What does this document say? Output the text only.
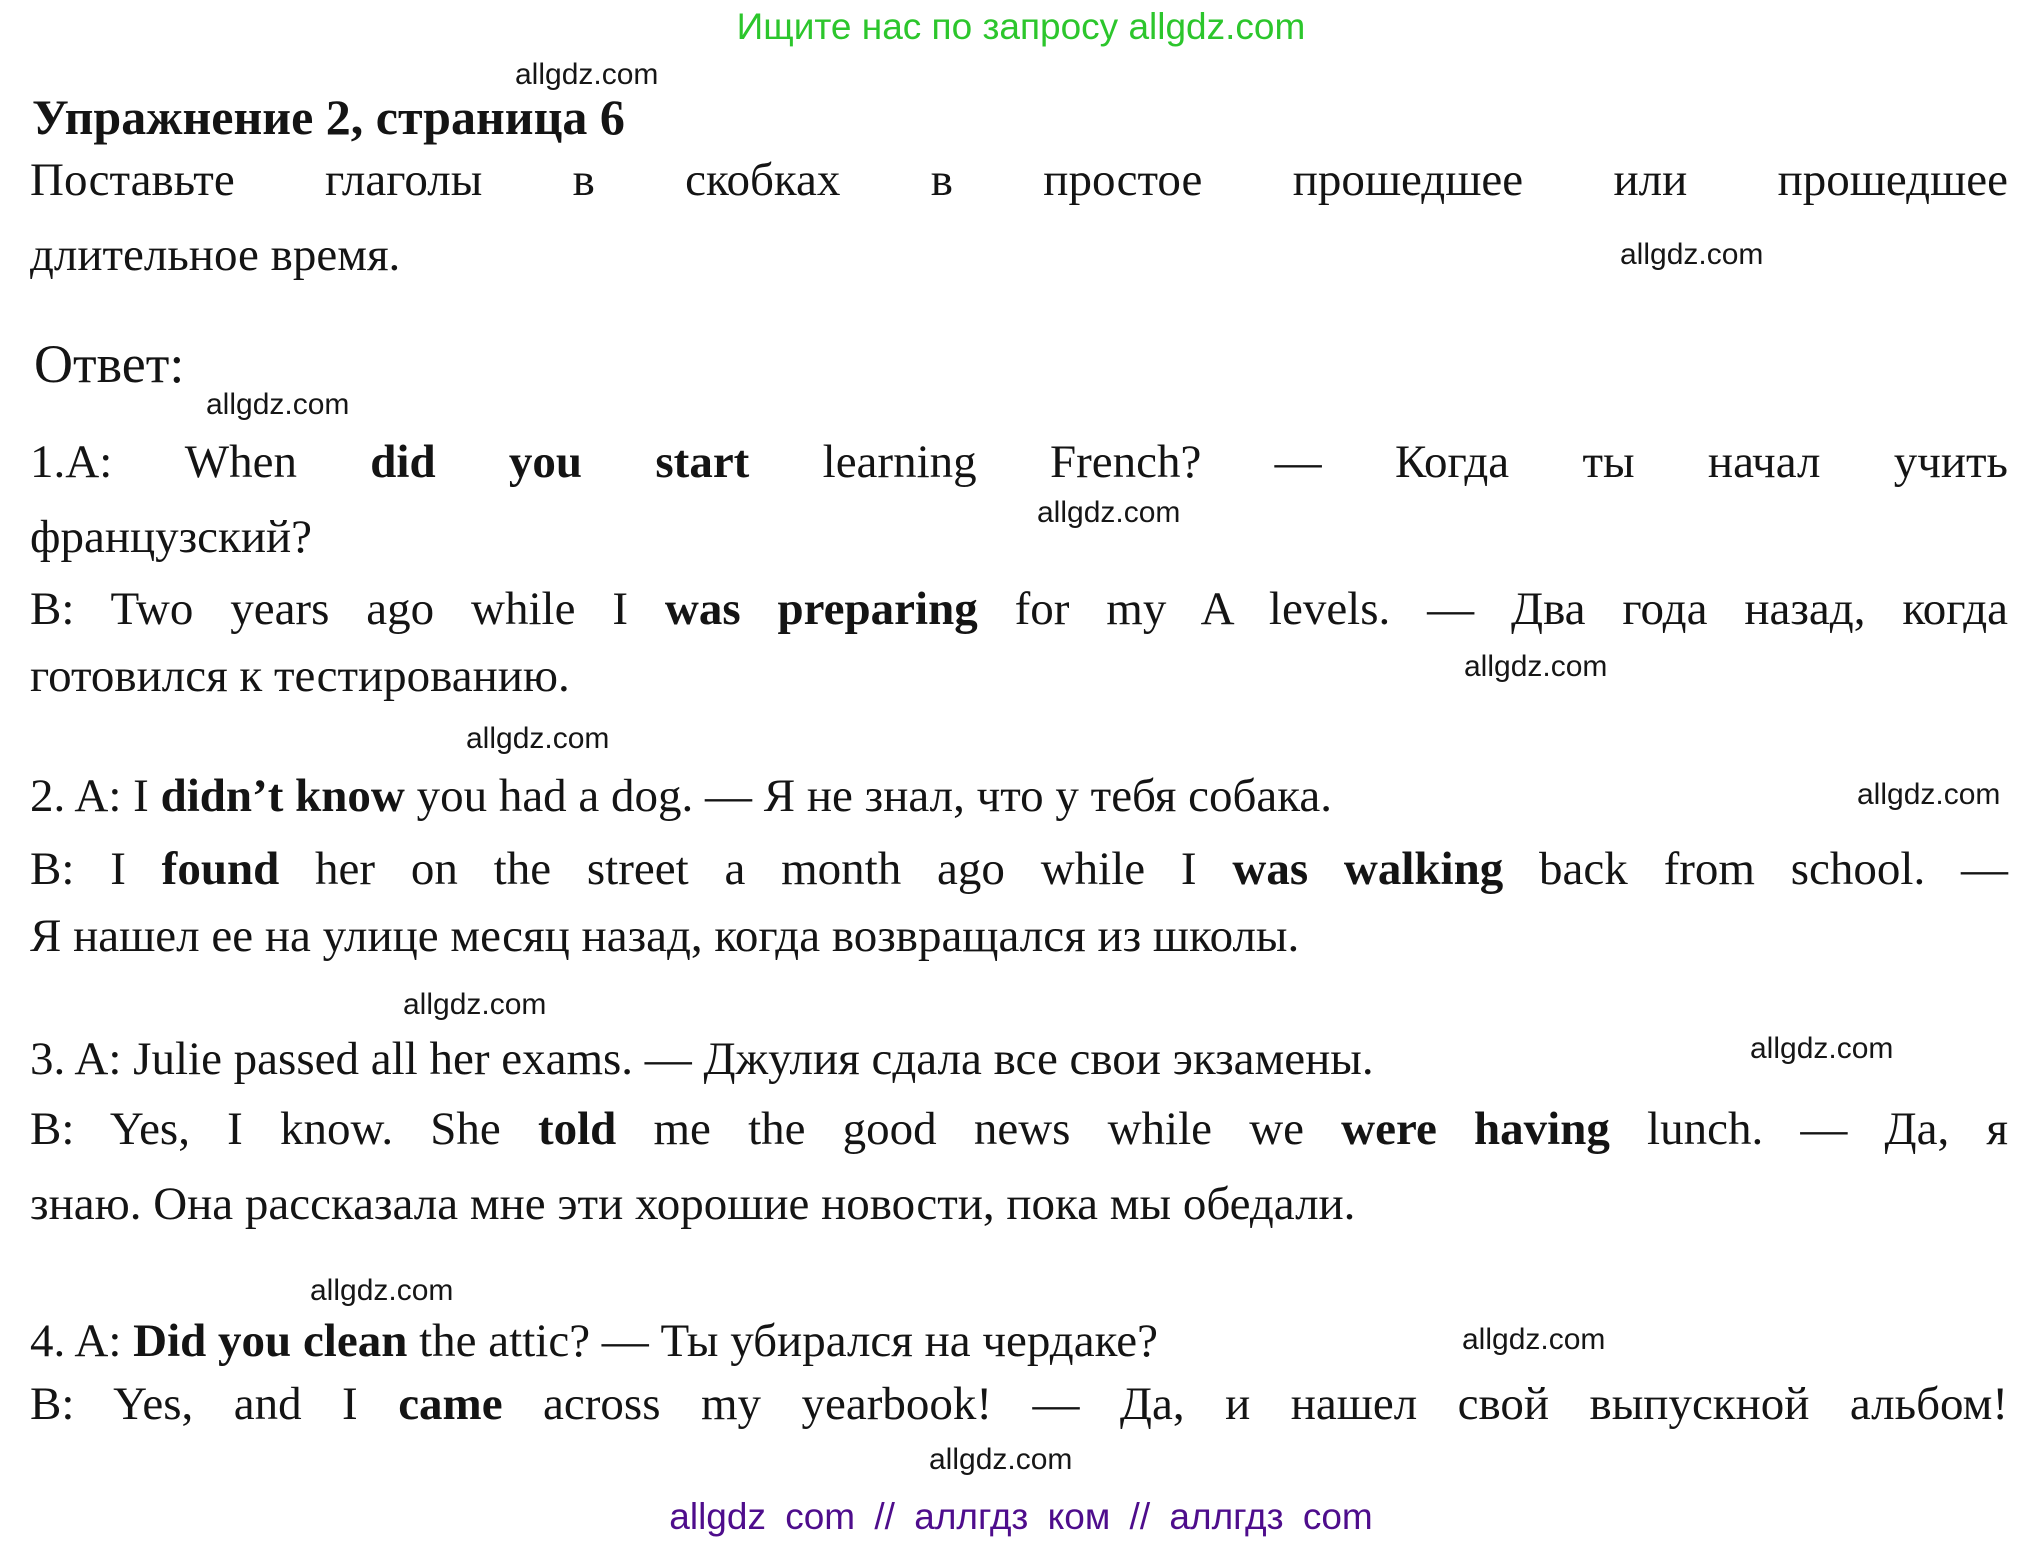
Ищите нас по запросу allgdz.com
allgdz.com
allgdz.com
allgdz.com
allgdz.com
allgdz.com
allgdz.com
allgdz.com
allgdz.com
allgdz.com
allgdz.com
allgdz.com
allgdz.com
Упражнение 2, страница 6
Поставьте глаголы в скобках в простое прошедшее или прошедшее
длительное время.
Ответ:
1.A: When did you start learning French? — Когда ты начал учить
французский?
B: Two years ago while I was preparing for my A levels. — Два года назад, когда
готовился к тестированию.
2. A: I didn’t know you had a dog. — Я не знал, что у тебя собака.
B: I found her on the street a month ago while I was walking back from school. —
Я нашел ее на улице месяц назад, когда возвращался из школы.
3. A: Julie passed all her exams. — Джулия сдала все свои экзамены.
B: Yes, I know. She told me the good news while we were having lunch. — Да, я
знаю. Она рассказала мне эти хорошие новости, пока мы обедали.
4. A: Did you clean the attic? — Ты убирался на чердаке?
B: Yes, and I came across my yearbook! — Да, и нашел свой выпускной альбом!
allgdz com // аллгдз ком // аллгдз com
